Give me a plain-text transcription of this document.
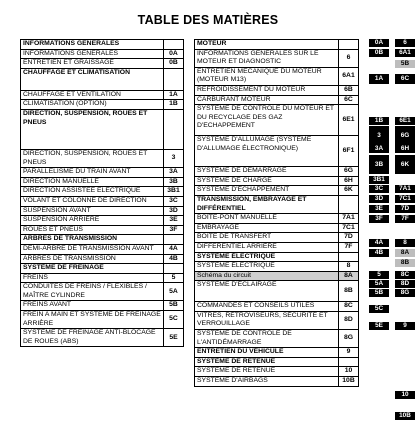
TABLE DES MATIÈRES
INFORMATIONS GENERALES	
INFORMATIONS GENERALES	0A
ENTRETIEN ET GRAISSAGE	0B
CHAUFFAGE ET CLIMATISATION	
CHAUFFAGE ET VENTILATION	1A
CLIMATISATION (OPTION)	1B
DIRECTION, SUSPENSION, ROUES ET PNEUS	
DIRECTION, SUSPENSION, ROUES ET PNEUS	3
PARALLELISME DU TRAIN AVANT	3A
DIRECTION MANUELLE	3B
DIRECTION ASSISTEE ELECTRIQUE	3B1
VOLANT ET COLONNE DE DIRECTION	3C
SUSPENSION AVANT	3D
SUSPENSION ARRIÈRE	3E
ROUES ET PNEUS	3F
ARBRES DE TRANSMISSION	
DEMI-ARBRE DE TRANSMISSION AVANT	4A
ARBRES DE TRANSMISSION	4B
SYSTÈME DE FREINAGE	
FREINS	5
CONDUITES DE FREINS / FLEXIBLES / MAÎTRE CYLINDRE	5A
FREINS AVANT	5B
FREIN A MAIN ET SYSTEME DE FREINAGE ARRIÈRE	5C
SYSTÈME DE FREINAGE ANTI-BLOCAGE DE ROUES (ABS)	5E
MOTEUR	
INFORMATIONS GENERALES SUR LE MOTEUR ET DIAGNOSTIC	6
ENTRETIEN MECANIQUE DU MOTEUR (MOTEUR M13)	6A1
REFROIDISSEMENT DU MOTEUR	6B
CARBURANT MOTEUR	6C
SYSTÈME DE CONTRÔLE DU MOTEUR ET DU RECYCLAGE DES GAZ D'ECHAPPEMENT	6E1
SYSTÈME D'ALLUMAGE (SYSTÈME D'ALLUMAGE ÉLECTRONIQUE)	6F1
SYSTÈME DE DEMARRAGE	6G
SYSTÈME DE CHARGE	6H
SYSTÈME D'ÉCHAPPEMENT	6K
TRANSMISSION, EMBRAYAGE ET DIFFÉRENTIEL	
BOÎTE-PONT MANUELLE	7A1
EMBRAYAGE	7C1
BOITE DE TRANSFERT	7D
DIFFERENTIEL ARRIÈRE	7F
SYSTÈME ÉLECTRIQUE	
SYSTÈME ÉLECTRIQUE	8
Schéma du circuit	8A
SYSTÈME D'ÉCLAIRAGE	8B
COMMANDES ET CONSEILS UTILES	8C
VITRES, RÉTROVISEURS, SÉCURITÉ ET VERROUILLAGE	8D
SYSTÈME DE CONTRÔLE DE L'ANTIDÉMARRAGE	8G
ENTRETIEN DU VÉHICULE	9
SYSTÈME DE RETENUE	
SYSTÈME DE RETENUE	10
SYSTÈME D'AIRBAGS	10B
0A
0B
1A
1B
3
3A
3B
3B1
3C
3D
3E
3F
4A
4B
5
5A
5B
5C
5E
6
6A1
5B
6C
6E1
6G
6H
6K
7A1
7C1
7D
7F
8
8A
8B
8C
8D
8G
9
10
10B
